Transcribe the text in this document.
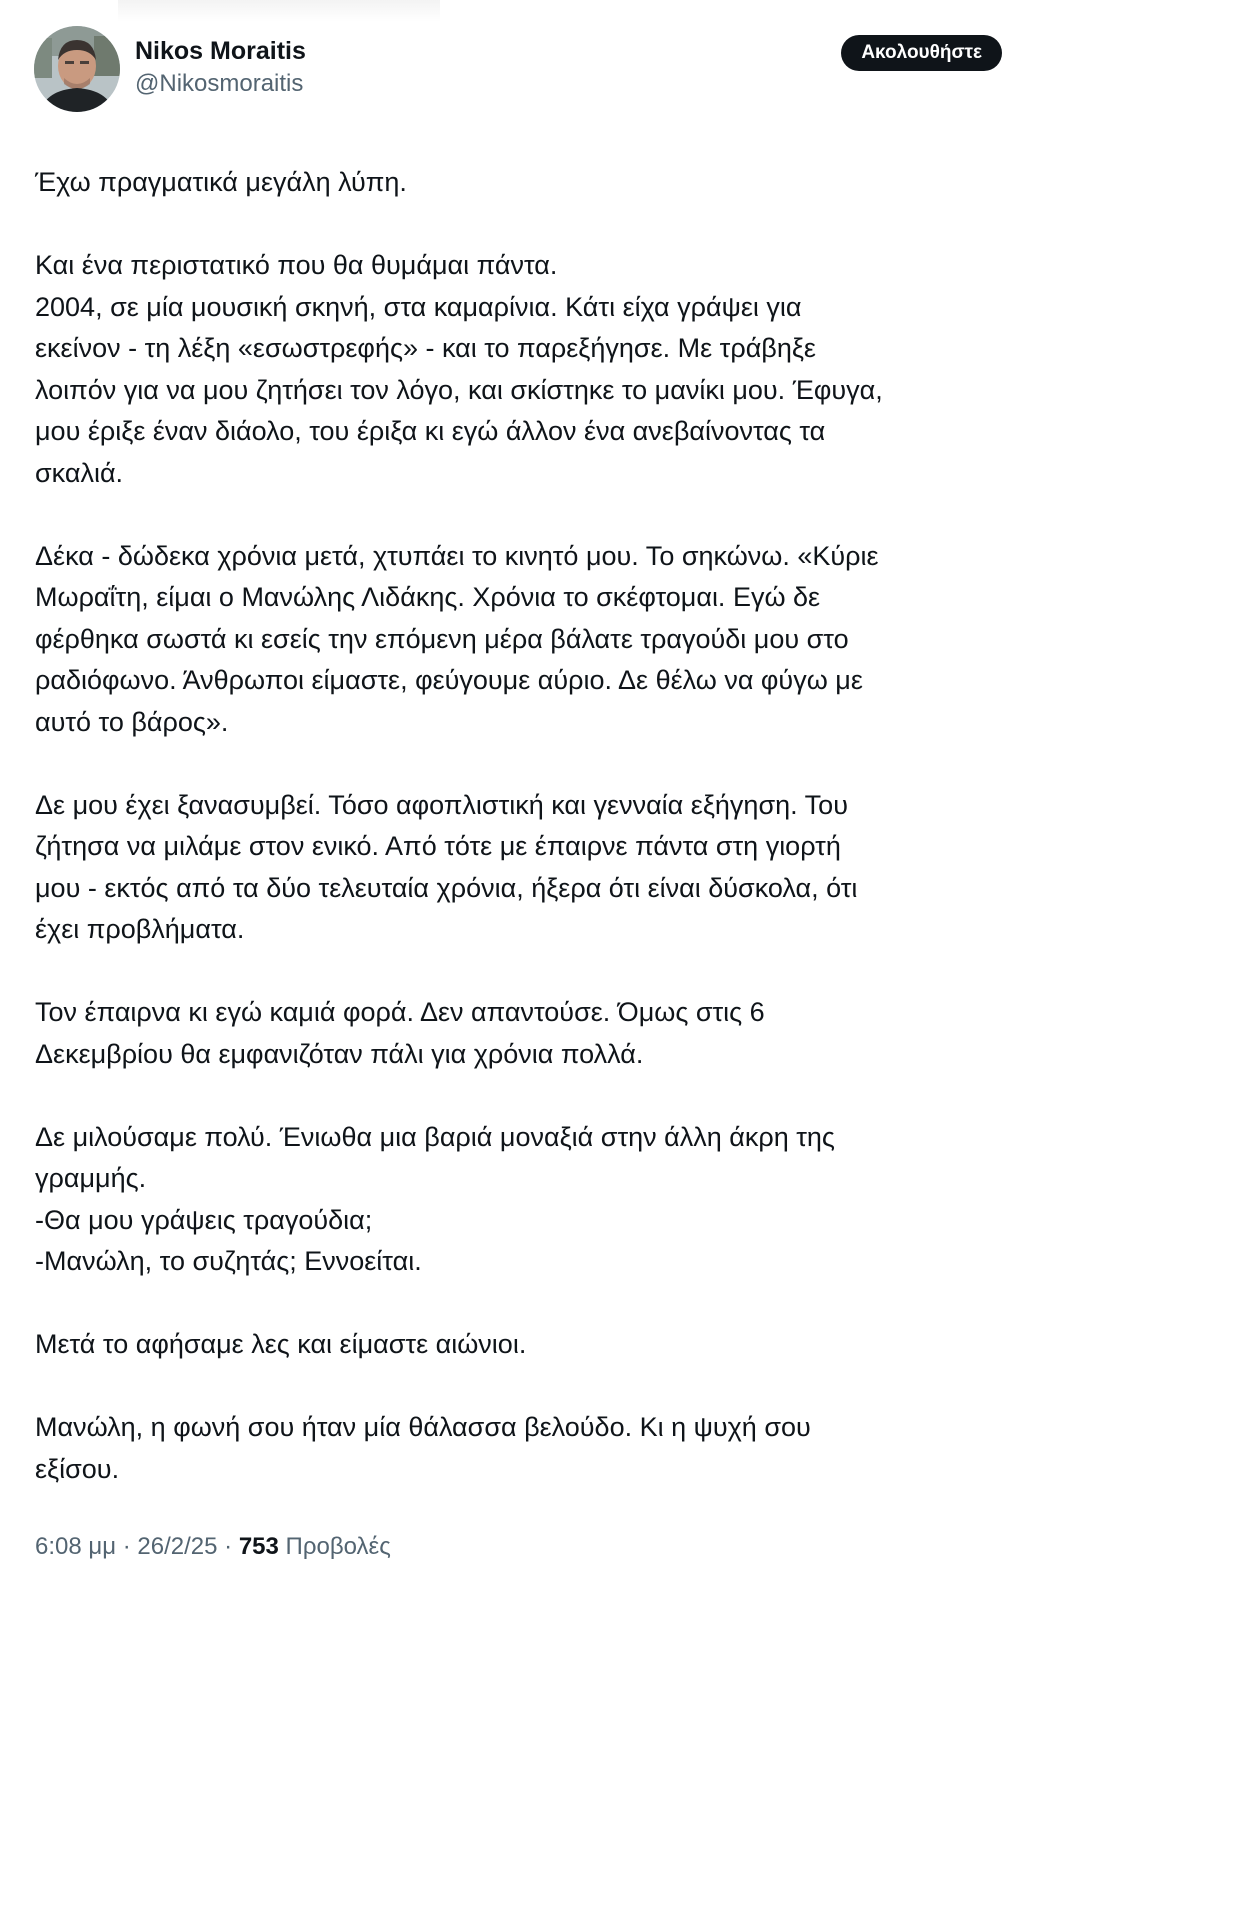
Nikos Moraitis
@Nikosmoraitis
Ακολουθήστε
Έχω πραγματικά μεγάλη λύπη.
Και ένα περιστατικό που θα θυμάμαι πάντα.
2004, σε μία μουσική σκηνή, στα καμαρίνια. Κάτι είχα γράψει για
εκείνον - τη λέξη «εσωστρεφής» - και το παρεξήγησε. Με τράβηξε
λοιπόν για να μου ζητήσει τον λόγο, και σκίστηκε το μανίκι μου. Έφυγα,
μου έριξε έναν διάολο, του έριξα κι εγώ άλλον ένα ανεβαίνοντας τα
σκαλιά.
Δέκα - δώδεκα χρόνια μετά, χτυπάει το κινητό μου. Το σηκώνω. «Κύριε
Μωραΐτη, είμαι ο Μανώλης Λιδάκης. Χρόνια το σκέφτομαι. Εγώ δε
φέρθηκα σωστά κι εσείς την επόμενη μέρα βάλατε τραγούδι μου στο
ραδιόφωνο. Άνθρωποι είμαστε, φεύγουμε αύριο. Δε θέλω να φύγω με
αυτό το βάρος».
Δε μου έχει ξανασυμβεί. Τόσο αφοπλιστική και γενναία εξήγηση. Του
ζήτησα να μιλάμε στον ενικό. Από τότε με έπαιρνε πάντα στη γιορτή
μου - εκτός από τα δύο τελευταία χρόνια, ήξερα ότι είναι δύσκολα, ότι
έχει προβλήματα.
Τον έπαιρνα κι εγώ καμιά φορά. Δεν απαντούσε. Όμως στις 6
Δεκεμβρίου θα εμφανιζόταν πάλι για χρόνια πολλά.
Δε μιλούσαμε πολύ. Ένιωθα μια βαριά μοναξιά στην άλλη άκρη της
γραμμής.
-Θα μου γράψεις τραγούδια;
-Μανώλη, το συζητάς; Εννοείται.
Μετά το αφήσαμε λες και είμαστε αιώνιοι.
Μανώλη, η φωνή σου ήταν μία θάλασσα βελούδο. Κι η ψυχή σου
εξίσου.
6:08 μμ · 26/2/25 · 753 Προβολές
